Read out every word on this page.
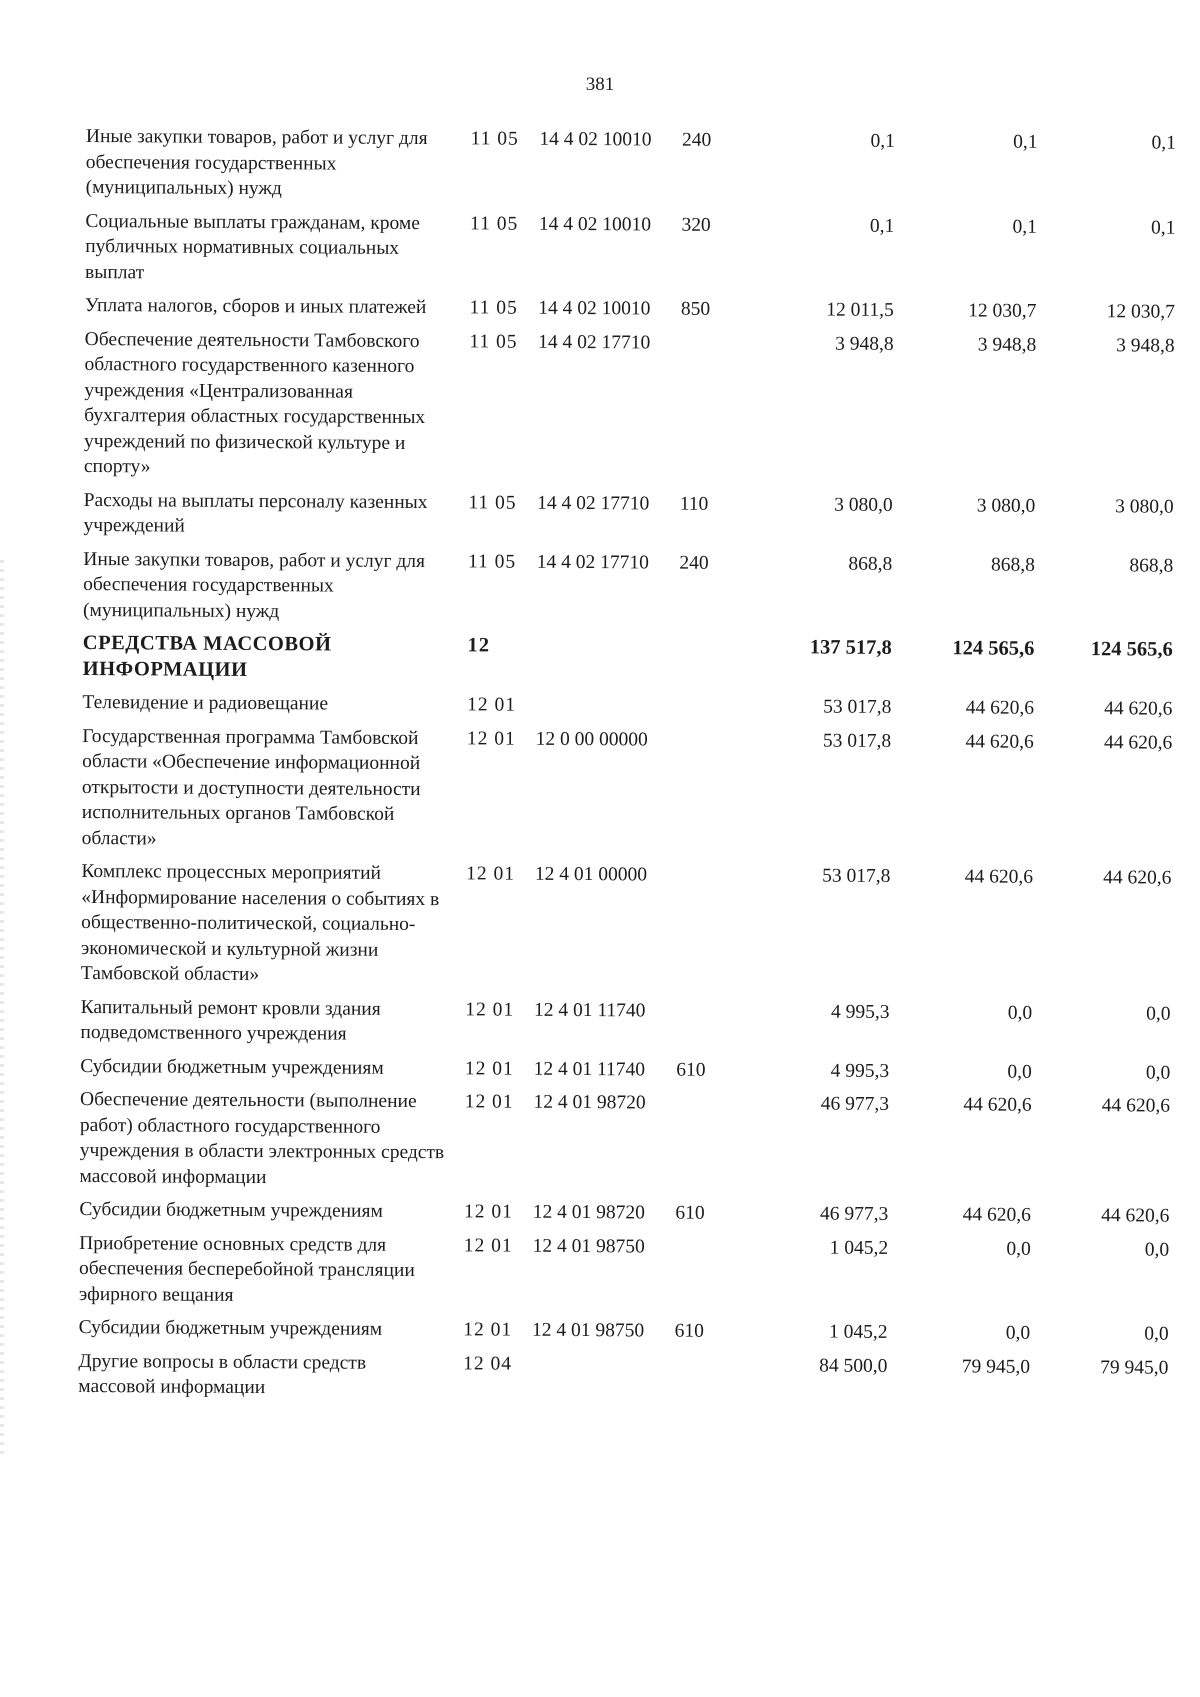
381
Иные закупки товаров, работ и услуг для обеспечения государственных (муниципальных) нужд	11 05	14 4 02 10010	240	0,1	0,1	0,1
Социальные выплаты гражданам, кроме публичных нормативных социальных выплат	11 05	14 4 02 10010	320	0,1	0,1	0,1
Уплата налогов, сборов и иных платежей	11 05	14 4 02 10010	850	12 011,5	12 030,7	12 030,7
Обеспечение деятельности Тамбовского областного государственного казенного учреждения «Централизованная бухгалтерия областных государственных учреждений по физической культуре и спорту»	11 05	14 4 02 17710		3 948,8	3 948,8	3 948,8
Расходы на выплаты персоналу казенных учреждений	11 05	14 4 02 17710	110	3 080,0	3 080,0	3 080,0
Иные закупки товаров, работ и услуг для обеспечения государственных (муниципальных) нужд	11 05	14 4 02 17710	240	868,8	868,8	868,8
СРЕДСТВА МАССОВОЙ ИНФОРМАЦИИ	12			137 517,8	124 565,6	124 565,6
Телевидение и радиовещание	12 01			53 017,8	44 620,6	44 620,6
Государственная программа Тамбовской области «Обеспечение информационной открытости и доступности деятельности исполнительных органов Тамбовской области»	12 01	12 0 00 00000		53 017,8	44 620,6	44 620,6
Комплекс процессных мероприятий «Информирование населения о событиях в общественно-политической, социально-экономической и культурной жизни Тамбовской области»	12 01	12 4 01 00000		53 017,8	44 620,6	44 620,6
Капитальный ремонт кровли здания подведомственного учреждения	12 01	12 4 01 11740		4 995,3	0,0	0,0
Субсидии бюджетным учреждениям	12 01	12 4 01 11740	610	4 995,3	0,0	0,0
Обеспечение деятельности (выполнение работ) областного государственного учреждения в области электронных средств массовой информации	12 01	12 4 01 98720		46 977,3	44 620,6	44 620,6
Субсидии бюджетным учреждениям	12 01	12 4 01 98720	610	46 977,3	44 620,6	44 620,6
Приобретение основных средств для обеспечения бесперебойной трансляции эфирного вещания	12 01	12 4 01 98750		1 045,2	0,0	0,0
Субсидии бюджетным учреждениям	12 01	12 4 01 98750	610	1 045,2	0,0	0,0
Другие вопросы в области средств массовой информации	12 04			84 500,0	79 945,0	79 945,0
